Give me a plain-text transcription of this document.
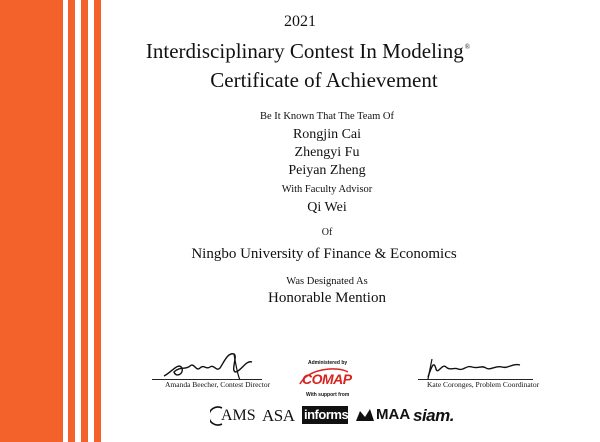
2021
Interdisciplinary Contest In Modeling®
Certificate of Achievement
Be It Known That The Team Of
Rongjin Cai
Zhengyi Fu
Peiyan Zheng
With Faculty Advisor
Qi Wei
Of
Ningbo University of Finance & Economics
Was Designated As
Honorable Mention
Amanda Beecher, Contest Director	Kate Coronges, Problem Coordinator
Administered by
COMAP
With support from
AMS ASA informs MAA siam.
